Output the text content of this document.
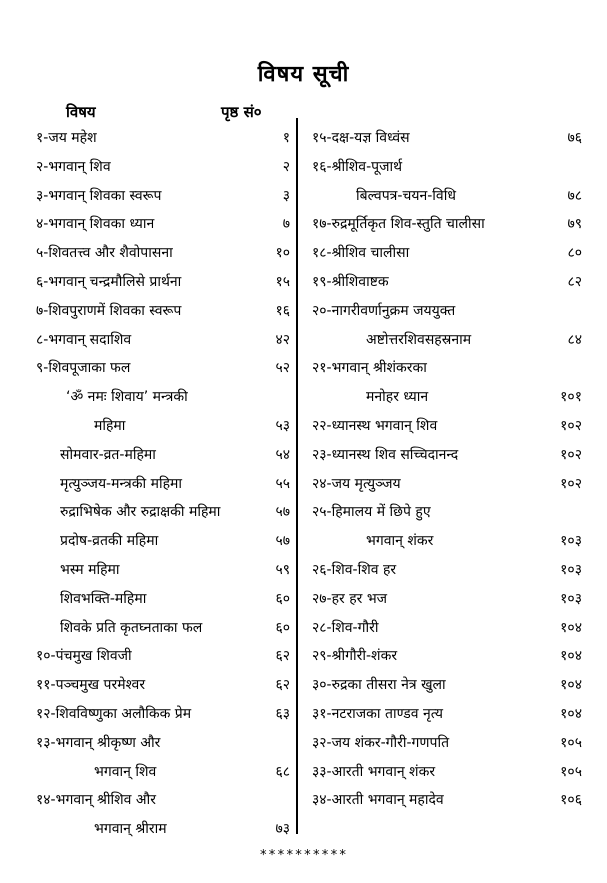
विषय सूची
विषय	पृष्ठ सं०
१-जय महेश	१
२-भगवान् शिव	२
३-भगवान् शिवका स्वरूप	३
४-भगवान् शिवका ध्यान	७
५-शिवतत्त्व और शैवोपासना	१०
६-भगवान् चन्द्रमौलिसे प्रार्थना	१५
७-शिवपुराणमें शिवका स्वरूप	१६
८-भगवान् सदाशिव	४२
९-शिवपूजाका फल	५२
‘ॐ नमः शिवाय’ मन्त्रकी
महिमा	५३
सोमवार-व्रत-महिमा	५४
मृत्युञ्जय-मन्त्रकी महिमा	५५
रुद्राभिषेक और रुद्राक्षकी महिमा	५७
प्रदोष-व्रतकी महिमा	५७
भस्म महिमा	५९
शिवभक्ति-महिमा	६०
शिवके प्रति कृतघ्नताका फल	६०
१०-पंचमुख शिवजी	६२
११-पञ्चमुख परमेश्वर	६२
१२-शिवविष्णुका अलौकिक प्रेम	६३
१३-भगवान् श्रीकृष्ण और
भगवान् शिव	६८
१४-भगवान् श्रीशिव और
भगवान् श्रीराम	७३
१५-दक्ष-यज्ञ विध्वंस	७६
१६-श्रीशिव-पूजार्थ
बिल्वपत्र-चयन-विधि	७८
१७-रुद्रमूर्तिकृत शिव-स्तुति चालीसा	७९
१८-श्रीशिव चालीसा	८०
१९-श्रीशिवाष्टक	८२
२०-नागरीवर्णानुक्रम जययुक्त
अष्टोत्तरशिवसहस्रनाम	८४
२१-भगवान् श्रीशंकरका
मनोहर ध्यान	१०१
२२-ध्यानस्थ भगवान् शिव	१०२
२३-ध्यानस्थ शिव सच्चिदानन्द	१०२
२४-जय मृत्युञ्जय	१०२
२५-हिमालय में छिपे हुए
भगवान् शंकर	१०३
२६-शिव-शिव हर	१०३
२७-हर हर भज	१०३
२८-शिव-गौरी	१०४
२९-श्रीगौरी-शंकर	१०४
३०-रुद्रका तीसरा नेत्र खुला	१०४
३१-नटराजका ताण्डव नृत्य	१०४
३२-जय शंकर-गौरी-गणपति	१०५
३३-आरती भगवान् शंकर	१०५
३४-आरती भगवान् महादेव	१०६
**********
